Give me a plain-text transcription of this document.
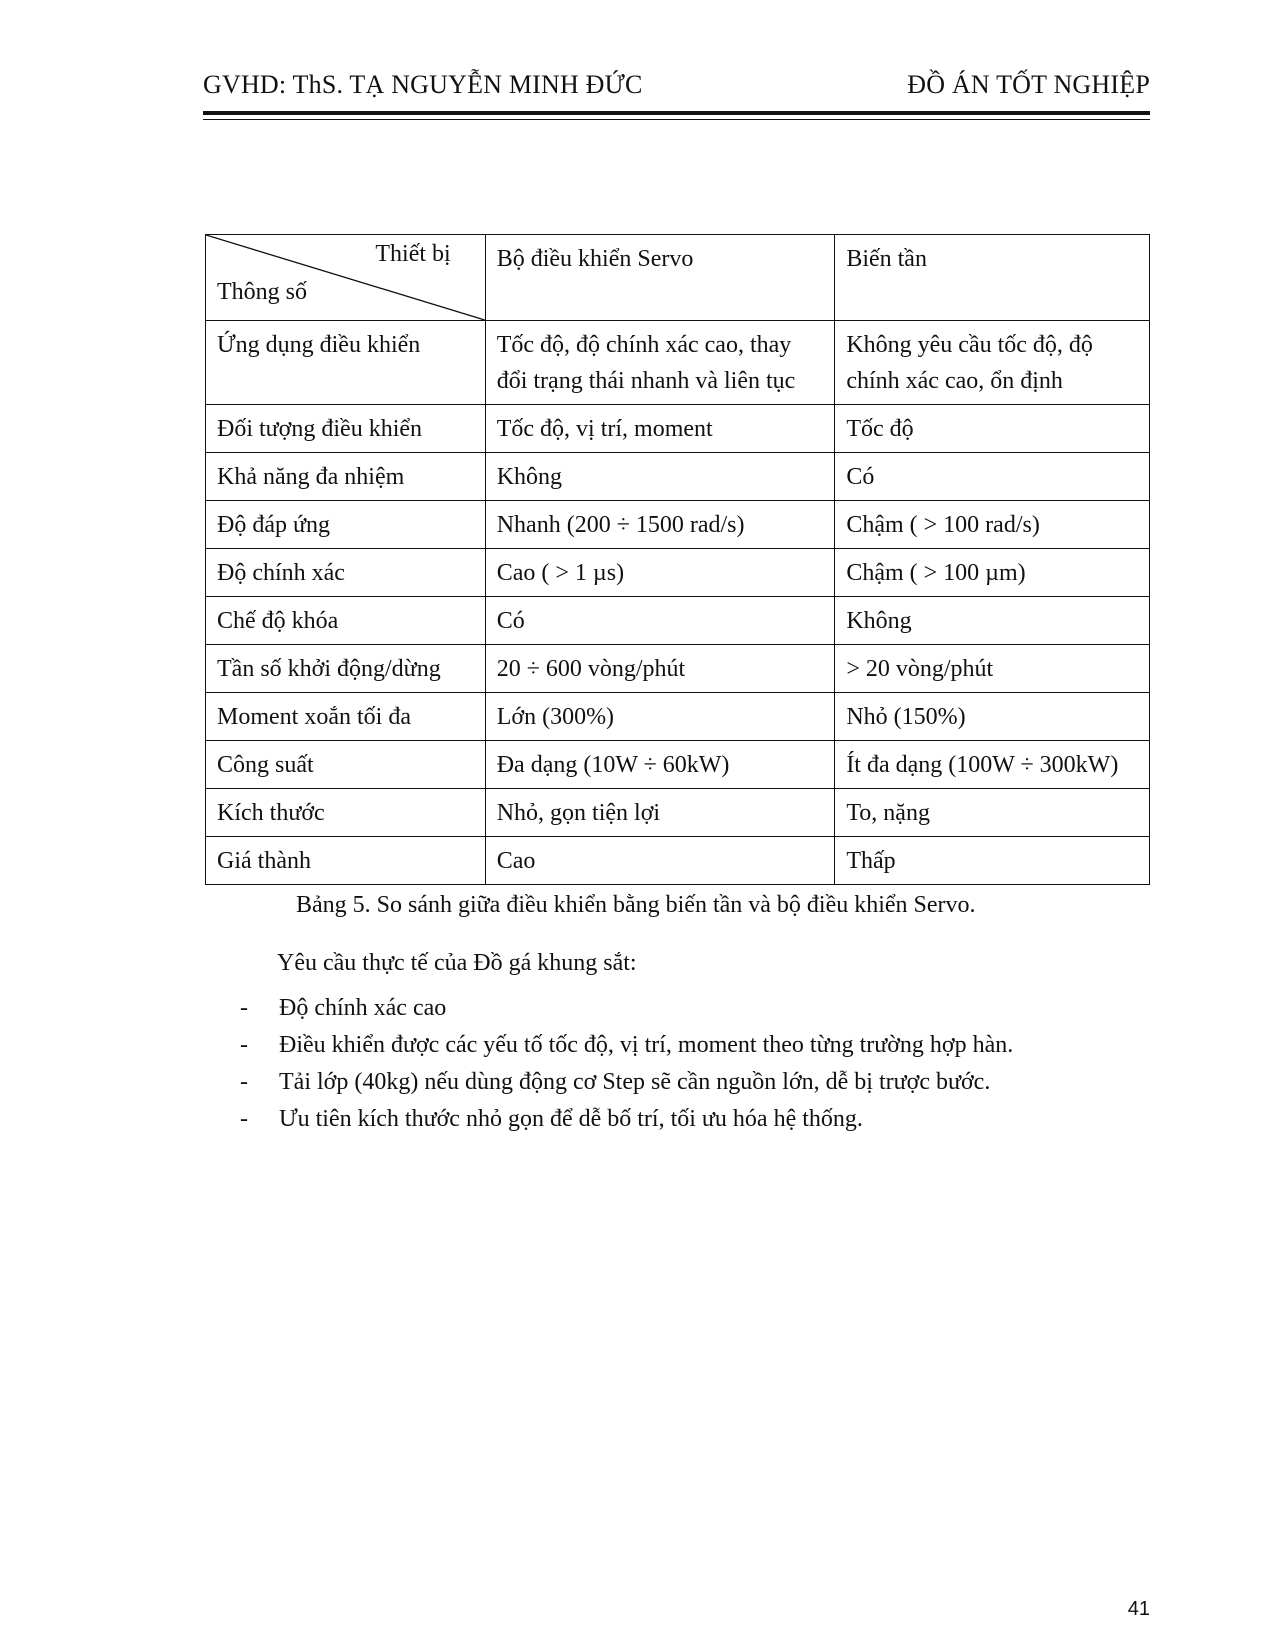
GVHD: ThS. TẠ NGUYỄN MINH ĐỨC	ĐỒ ÁN TỐT NGHIỆP
Thiết bị
Thông số	Bộ điều khiển Servo	Biến tần
Ứng dụng điều khiển	Tốc độ, độ chính xác cao, thay đổi trạng thái nhanh và liên tục	Không yêu cầu tốc độ, độ chính xác cao, ổn định
Đối tượng điều khiển	Tốc độ, vị trí, moment	Tốc độ
Khả năng đa nhiệm	Không	Có
Độ đáp ứng	Nhanh (200 ÷ 1500 rad/s)	Chậm ( > 100 rad/s)
Độ chính xác	Cao ( > 1 µs)	Chậm ( > 100 µm)
Chế độ khóa	Có	Không
Tần số khởi động/dừng	20 ÷ 600 vòng/phút	> 20 vòng/phút
Moment xoắn tối đa	Lớn (300%)	Nhỏ (150%)
Công suất	Đa dạng (10W ÷ 60kW)	Ít đa dạng (100W ÷ 300kW)
Kích thước	Nhỏ, gọn tiện lợi	To, nặng
Giá thành	Cao	Thấp
Bảng 5. So sánh giữa điều khiển bằng biến tần và bộ điều khiển Servo.
Yêu cầu thực tế của Đồ gá khung sắt:
- Độ chính xác cao
- Điều khiển được các yếu tố tốc độ, vị trí, moment theo từng trường hợp hàn.
- Tải lớp (40kg) nếu dùng động cơ Step sẽ cần nguồn lớn, dễ bị trược bước.
- Ưu tiên kích thước nhỏ gọn để dễ bố trí, tối ưu hóa hệ thống.
41
